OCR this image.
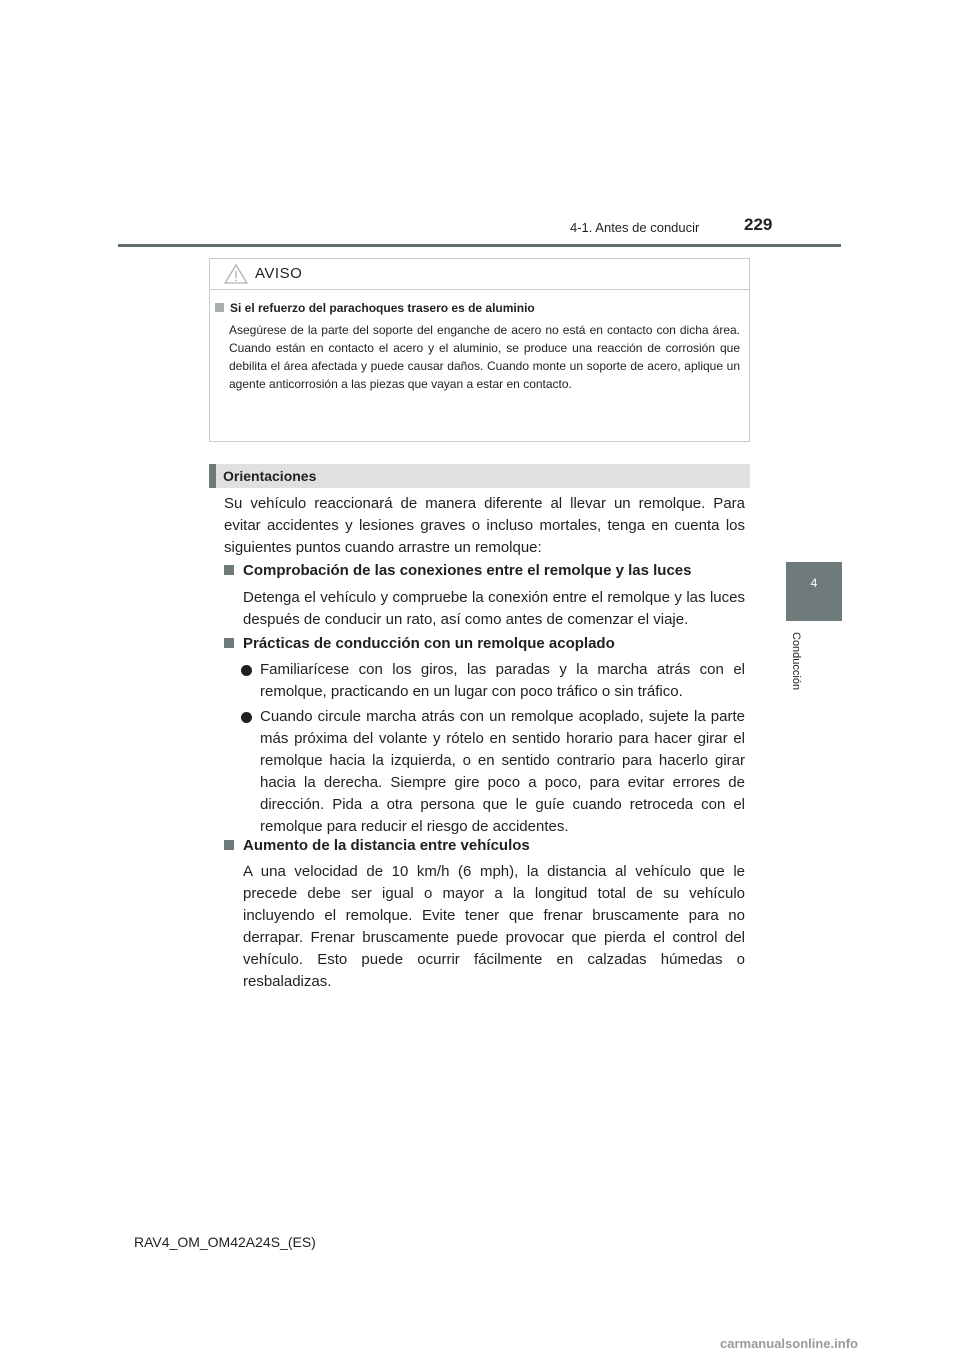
4-1. Antes de conducir	229
4
Conducción
AVISO
Si el refuerzo del parachoques trasero es de aluminio
Asegúrese de la parte del soporte del enganche de acero no está en contacto con dicha área. Cuando están en contacto el acero y el aluminio, se produce una reacción de corrosión que debilita el área afectada y puede causar daños. Cuando monte un soporte de acero, aplique un agente anticorrosión a las piezas que vayan a estar en contacto.
Orientaciones
Su vehículo reaccionará de manera diferente al llevar un remolque. Para evitar accidentes y lesiones graves o incluso mortales, tenga en cuenta los siguientes puntos cuando arrastre un remolque:
Comprobación de las conexiones entre el remolque y las luces
Detenga el vehículo y compruebe la conexión entre el remolque y las luces después de conducir un rato, así como antes de comenzar el viaje.
Prácticas de conducción con un remolque acoplado
Familiarícese con los giros, las paradas y la marcha atrás con el remolque, practicando en un lugar con poco tráfico o sin tráfico.
Cuando circule marcha atrás con un remolque acoplado, sujete la parte más próxima del volante y rótelo en sentido horario para hacer girar el remolque hacia la izquierda, o en sentido contrario para hacerlo girar hacia la derecha. Siempre gire poco a poco, para evitar errores de dirección. Pida a otra persona que le guíe cuando retroceda con el remolque para reducir el riesgo de accidentes.
Aumento de la distancia entre vehículos
A una velocidad de 10 km/h (6 mph), la distancia al vehículo que le precede debe ser igual o mayor a la longitud total de su vehículo incluyendo el remolque. Evite tener que frenar bruscamente para no derrapar. Frenar bruscamente puede provocar que pierda el control del vehículo. Esto puede ocurrir fácilmente en calzadas húmedas o resbaladizas.
RAV4_OM_OM42A24S_(ES)
carmanualsonline.info
